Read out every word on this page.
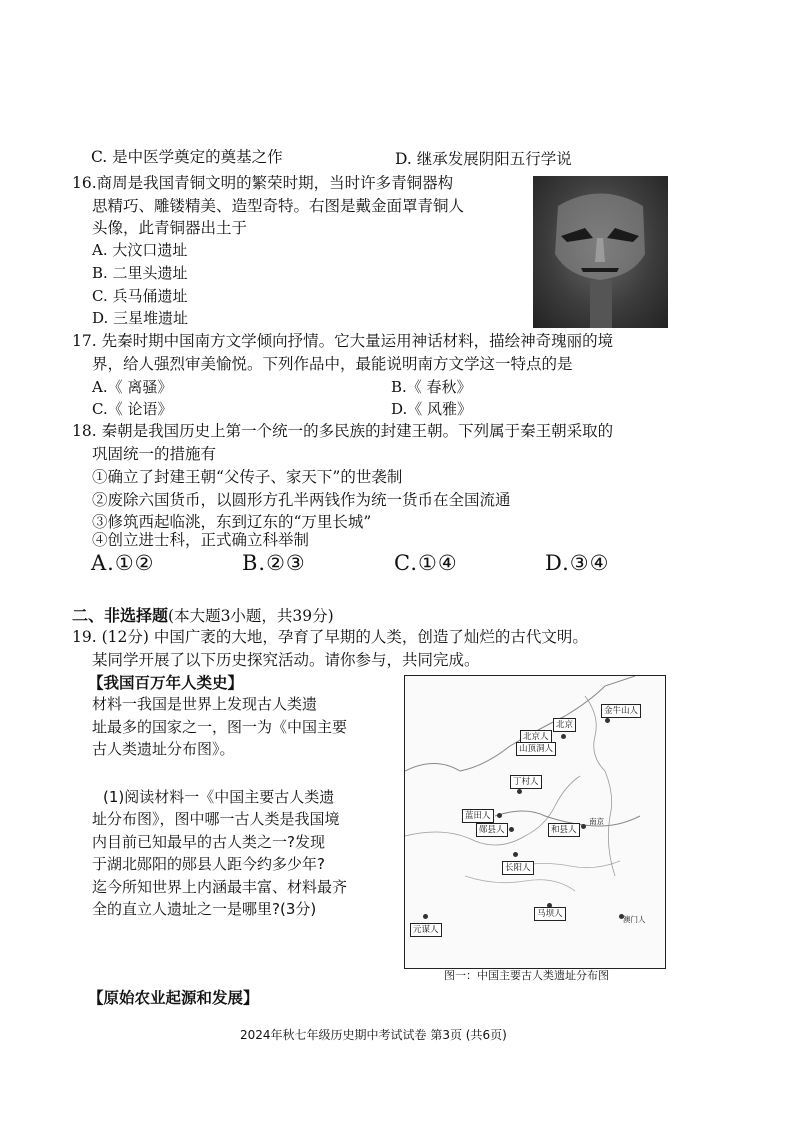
C. 是中医学奠定的奠基之作	D. 继承发展阴阳五行学说
16.商周是我国青铜文明的繁荣时期，当时许多青铜器构
思精巧、雕镂精美、造型奇特。右图是戴金面罩青铜人
头像，此青铜器出土于
A. 大汶口遗址
B. 二里头遗址
C. 兵马俑遗址
D. 三星堆遗址
17. 先秦时期中国南方文学倾向抒情。它大量运用神话材料，描绘神奇瑰丽的境
界，给人强烈审美愉悦。下列作品中，最能说明南方文学这一特点的是
A.《 离骚》	B.《 春秋》
C.《 论语》	D.《 风雅》
18. 秦朝是我国历史上第一个统一的多民族的封建王朝。下列属于秦王朝采取的
巩固统一的措施有
①确立了封建王朝“父传子、家天下”的世袭制
②废除六国货币，以圆形方孔半两钱作为统一货币在全国流通
③修筑西起临洮，东到辽东的“万里长城”
④创立进士科，正式确立科举制
A.①②	B.②③	C.①④	D.③④
二、非选择题(本大题3小题，共39分)
19. (12分) 中国广袤的大地，孕育了早期的人类，创造了灿烂的古代文明。
某同学开展了以下历史探究活动。请你参与，共同完成。
【我国百万年人类史】
材料一我国是世界上发现古人类遗
址最多的国家之一，图一为《中国主要
古人类遗址分布图》。
(1)阅读材料一《中国主要古人类遗
址分布图》，图中哪一古人类是我国境
内目前已知最早的古人类之一?发现
于湖北郧阳的郧县人距今约多少年?
迄今所知世界上内涵最丰富、材料最齐
全的直立人遗址之一是哪里?(3分)
金牛山人
北京
北京人
山顶洞人
丁村人
蓝田人
郧县人	和县人
南京
长阳人
马坝人
澳门人
元谋人
图一：中国主要古人类遗址分布图
【原始农业起源和发展】
2024年秋七年级历史期中考试试卷 第3页 (共6页)
